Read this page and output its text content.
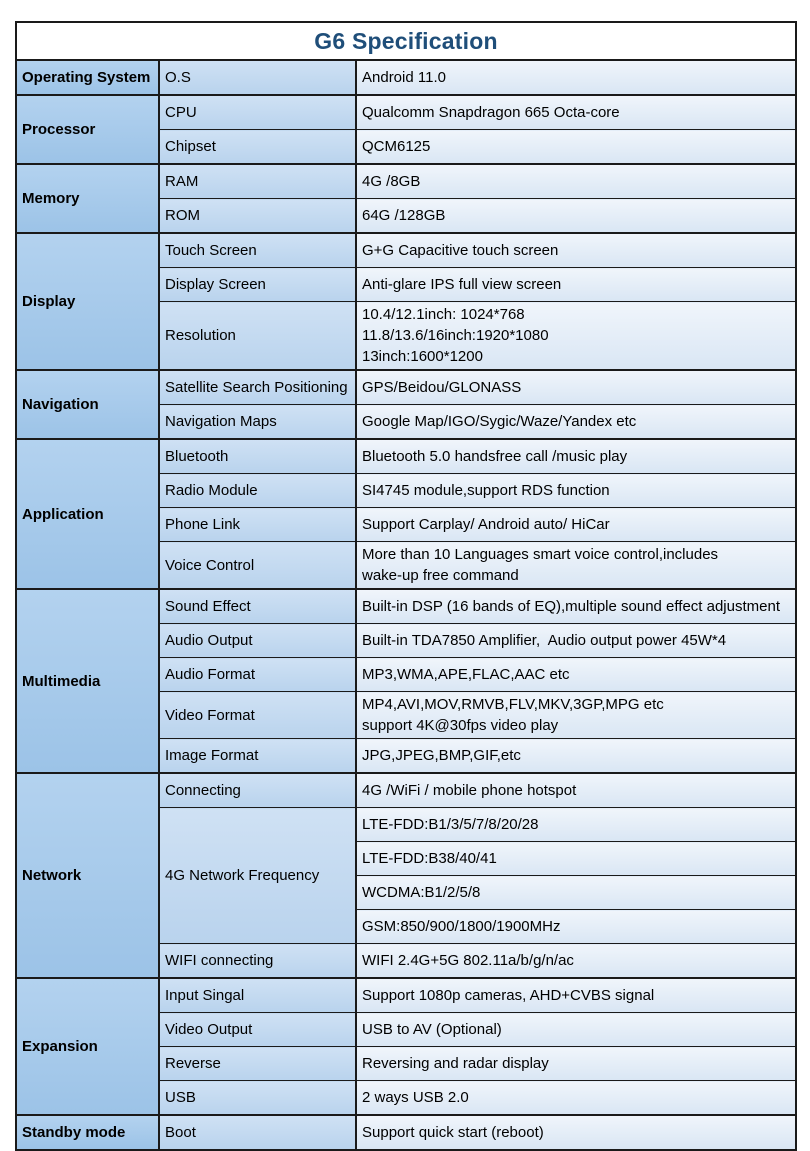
G6 Specification		
Operating System	O.S	Android 11.0

Processor	CPU	Qualcomm Snapdragon 665 Octa-core

	Chipset	QCM6125

Memory	RAM	4G /8GB

	ROM	64G /128GB

Display	Touch Screen	G+G Capacitive touch screen

	Display Screen	Anti-glare IPS full view screen

	Resolution	10.4/12.1inch: 1024*768
11.8/13.6/16inch:1920*1080
13inch:1600*1200

Navigation	Satellite Search Positioning	GPS/Beidou/GLONASS

	Navigation Maps	Google Map/IGO/Sygic/Waze/Yandex etc

Application	Bluetooth	Bluetooth 5.0 handsfree call /music play

	Radio Module	SI4745 module,support RDS function

	Phone Link	Support Carplay/ Android auto/ HiCar

	Voice Control	More than 10 Languages smart voice control,includes
wake-up free command

Multimedia	Sound Effect	Built-in DSP (16 bands of EQ),multiple sound effect adjustment

	Audio Output	Built-in TDA7850 Amplifier,  Audio output power 45W*4

	Audio Format	MP3,WMA,APE,FLAC,AAC etc

	Video Format	MP4,AVI,MOV,RMVB,FLV,MKV,3GP,MPG etc
support 4K@30fps video play

	Image Format	JPG,JPEG,BMP,GIF,etc

Network	Connecting	4G /WiFi / mobile phone hotspot

	4G Network Frequency	LTE-FDD:B1/3/5/7/8/20/28

		LTE-FDD:B38/40/41

		WCDMA:B1/2/5/8

		GSM:850/900/1800/1900MHz

	WIFI connecting	WIFI 2.4G+5G 802.11a/b/g/n/ac

Expansion	Input Singal	Support 1080p cameras, AHD+CVBS signal

	Video Output	USB to AV (Optional)

	Reverse	Reversing and radar display

	USB	2 ways USB 2.0

Standby mode	Boot	Support quick start (reboot)
